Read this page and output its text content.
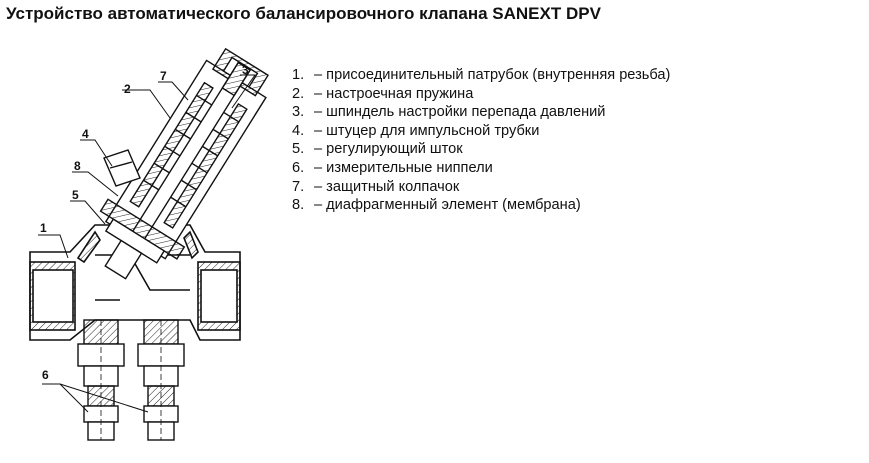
Устройство автоматического балансировочного клапана SANEXT DPV
1. – присоединительный патрубок (внутренняя резьба)
2. – настроечная пружина
3. – шпиндель настройки перепада давлений
4. – штуцер для импульсной трубки
5. – регулирующий шток
6. – измерительные ниппели
7. – защитный колпачок
8. – диафрагменный элемент (мембрана)
1
2
3
4
5
6
7
8
